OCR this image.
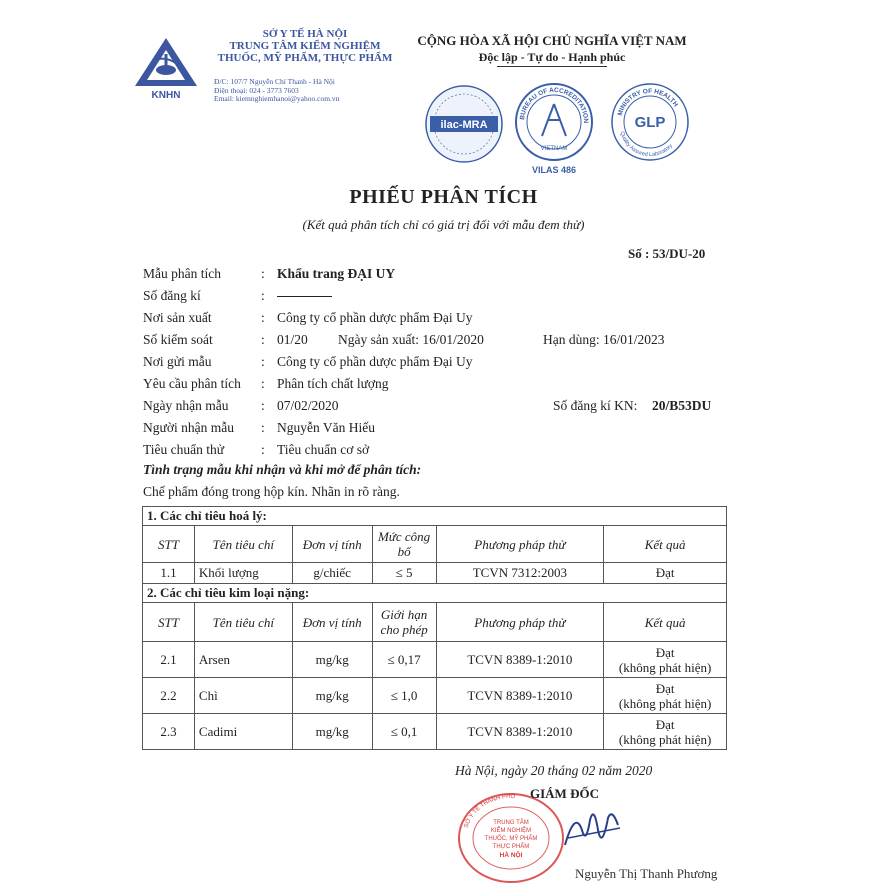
KNHN
SỞ Y TẾ HÀ NỘI
TRUNG TÂM KIỂM NGHIỆM
THUỐC, MỸ PHẨM, THỰC PHẨM
Đ/C: 107/7 Nguyễn Chí Thanh - Hà Nội
Điện thoại: 024 - 3773 7603
Email: kiemnghiemhanoi@yahoo.com.vn
CỘNG HÒA XÃ HỘI CHỦ NGHĨA VIỆT NAM
Độc lập - Tự do - Hạnh phúc
ilac-MRA
BUREAU OF ACCREDITATION
VIETNAM
VILAS 486
MINISTRY OF HEALTH
GLP
Quality Assured Laboratory
PHIẾU PHÂN TÍCH
(Kết quả phân tích chỉ có giá trị đối với mẫu đem thử)
Số : 53/DU-20
Mẫu phân tích	: Khẩu trang ĐẠI UY
Số đăng kí	:
Nơi sản xuất	: Công ty cổ phần dược phẩm Đại Uy
Số kiểm soát	: 01/20 Ngày sản xuất: 16/01/2020	Hạn dùng: 16/01/2023
Nơi gửi mẫu	: Công ty cổ phần dược phẩm Đại Uy
Yêu cầu phân tích : Phân tích chất lượng
Ngày nhận mẫu : 07/02/2020	Số đăng kí KN: 20/B53DU
Người nhận mẫu : Nguyễn Văn Hiếu
Tiêu chuẩn thử	: Tiêu chuẩn cơ sở
Tình trạng mẫu khi nhận và khi mở để phân tích:
Chế phẩm đóng trong hộp kín. Nhãn in rõ ràng.
1. Các chỉ tiêu hoá lý:					
STT	Tên tiêu chí	Đơn vị tính	Mức công bố	Phương pháp thử	Kết quả
1.1	Khối lượng	g/chiếc	≤ 5	TCVN 7312:2003	Đạt
2. Các chỉ tiêu kim loại nặng:					
STT	Tên tiêu chí	Đơn vị tính	Giới hạn cho phép	Phương pháp thử	Kết quả
2.1	Arsen	mg/kg	≤ 0,17	TCVN 8389-1:2010	Đạt
(không phát hiện)

2.2	Chì	mg/kg	≤ 1,0	TCVN 8389-1:2010	Đạt
(không phát hiện)

2.3	Cadimi	mg/kg	≤ 0,1	TCVN 8389-1:2010	Đạt
(không phát hiện)
Hà Nội, ngày 20 tháng 02 năm 2020
SỞ Y TẾ THÀNH PHỐ
TRUNG TÂM
KIỂM NGHIỆM
THUỐC, MỸ PHẨM
THỰC PHẨM
HÀ NỘI
GIÁM ĐỐC
Nguyễn Thị Thanh Phương
